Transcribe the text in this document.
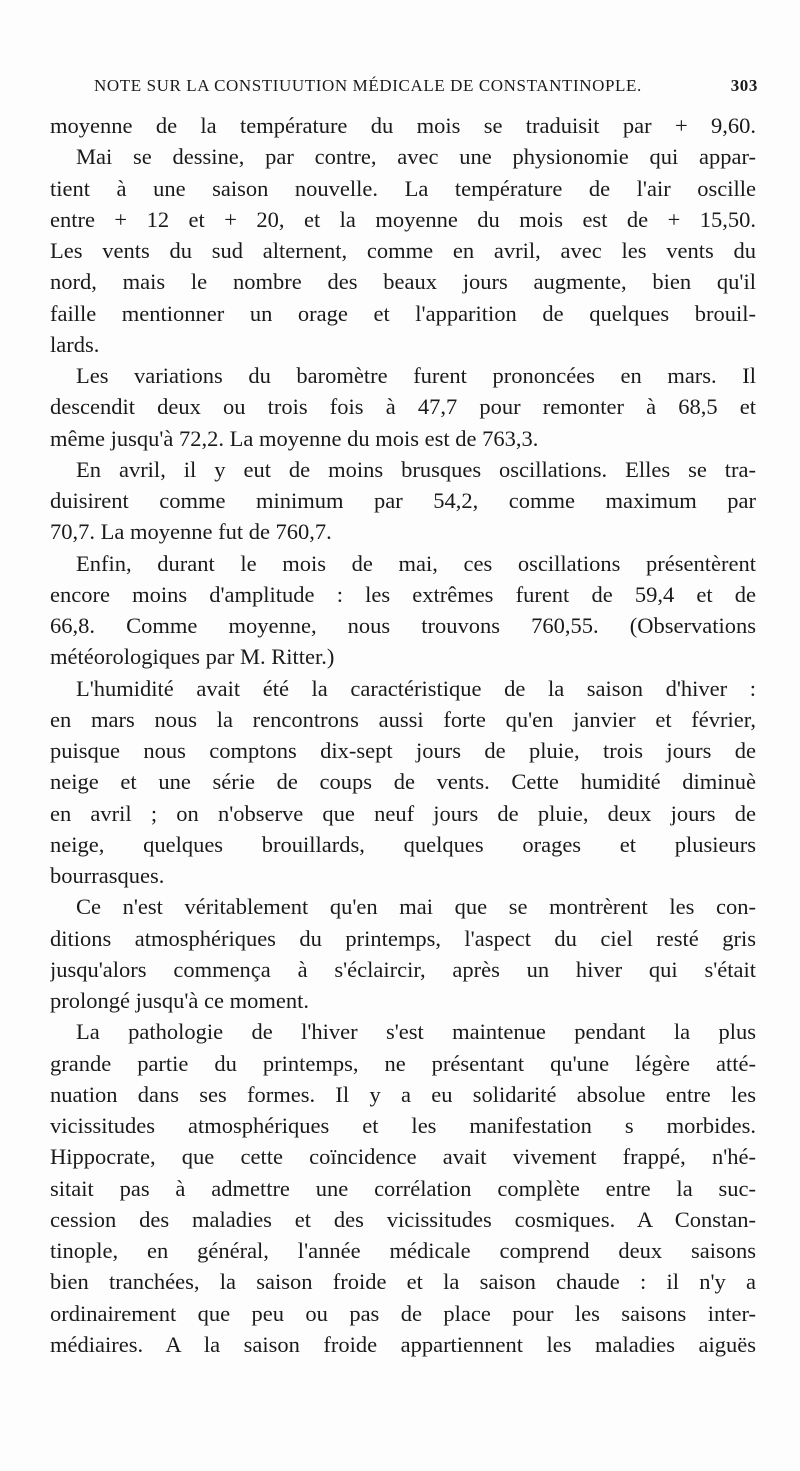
NOTE SUR LA CONSTIUUTION MÉDICALE DE CONSTANTINOPLE.	303
moyenne de la température du mois se traduisit par + 9,60.
Mai se dessine, par contre, avec une physionomie qui appar-
tient à une saison nouvelle. La température de l'air oscille
entre + 12 et + 20, et la moyenne du mois est de + 15,50.
Les vents du sud alternent, comme en avril, avec les vents du
nord, mais le nombre des beaux jours augmente, bien qu'il
faille mentionner un orage et l'apparition de quelques brouil-
lards.
Les variations du baromètre furent prononcées en mars. Il
descendit deux ou trois fois à 47,7 pour remonter à 68,5 et
même jusqu'à 72,2. La moyenne du mois est de 763,3.
En avril, il y eut de moins brusques oscillations. Elles se tra-
duisirent comme minimum par 54,2, comme maximum par
70,7. La moyenne fut de 760,7.
Enfin, durant le mois de mai, ces oscillations présentèrent
encore moins d'amplitude : les extrêmes furent de 59,4 et de
66,8. Comme moyenne, nous trouvons 760,55. (Observations
météorologiques par M. Ritter.)
L'humidité avait été la caractéristique de la saison d'hiver :
en mars nous la rencontrons aussi forte qu'en janvier et février,
puisque nous comptons dix-sept jours de pluie, trois jours de
neige et une série de coups de vents. Cette humidité diminuè
en avril ; on n'observe que neuf jours de pluie, deux jours de
neige, quelques brouillards, quelques orages et plusieurs
bourrasques.
Ce n'est véritablement qu'en mai que se montrèrent les con-
ditions atmosphériques du printemps, l'aspect du ciel resté gris
jusqu'alors commença à s'éclaircir, après un hiver qui s'était
prolongé jusqu'à ce moment.
La pathologie de l'hiver s'est maintenue pendant la plus
grande partie du printemps, ne présentant qu'une légère atté-
nuation dans ses formes. Il y a eu solidarité absolue entre les
vicissitudes atmosphériques et les manifestation s morbides.
Hippocrate, que cette coïncidence avait vivement frappé, n'hé-
sitait pas à admettre une corrélation complète entre la suc-
cession des maladies et des vicissitudes cosmiques. A Constan-
tinople, en général, l'année médicale comprend deux saisons
bien tranchées, la saison froide et la saison chaude : il n'y a
ordinairement que peu ou pas de place pour les saisons inter-
médiaires. A la saison froide appartiennent les maladies aiguës
